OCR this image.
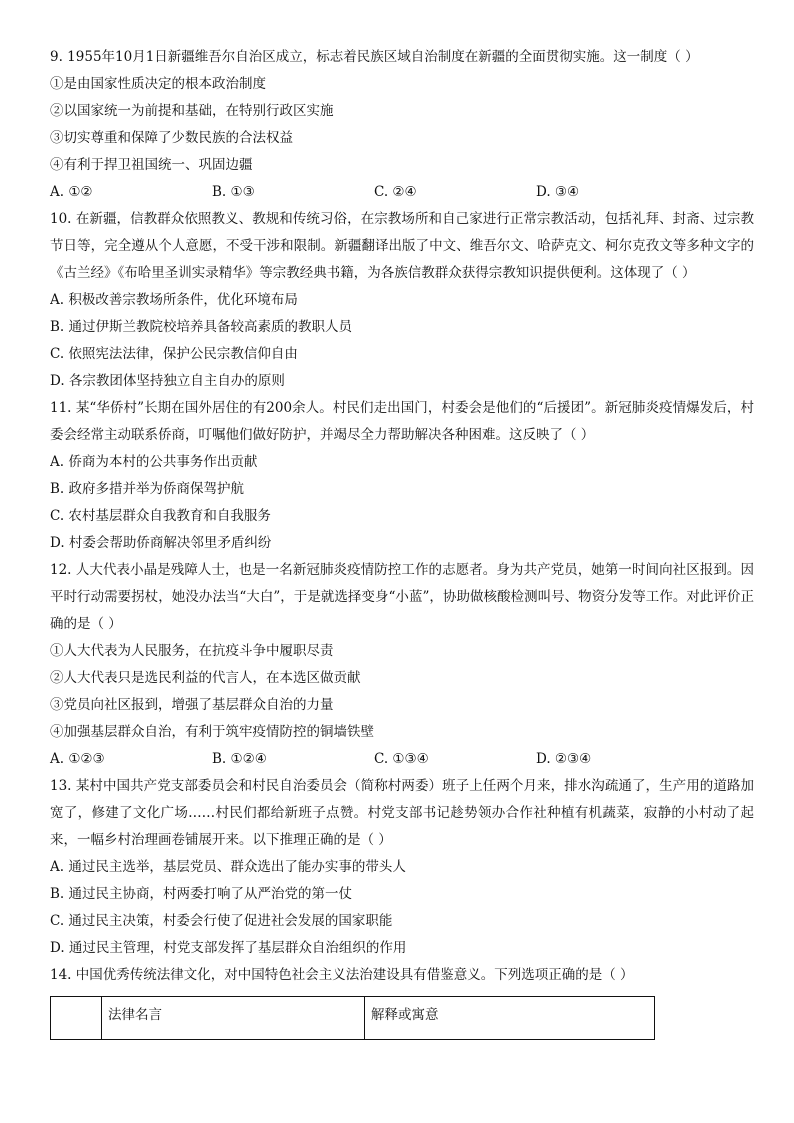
9. 1955年10月1日新疆维吾尔自治区成立，标志着民族区域自治制度在新疆的全面贯彻实施。这一制度（ ）
①是由国家性质决定的根本政治制度
②以国家统一为前提和基础，在特别行政区实施
③切实尊重和保障了少数民族的合法权益
④有利于捍卫祖国统一、巩固边疆
A. ①②	B. ①③	C. ②④	D. ③④
10. 在新疆，信教群众依照教义、教规和传统习俗，在宗教场所和自己家进行正常宗教活动，包括礼拜、封斋、过宗教节日等，完全遵从个人意愿，不受干涉和限制。新疆翻译出版了中文、维吾尔文、哈萨克文、柯尔克孜文等多种文字的《古兰经》《布哈里圣训实录精华》等宗教经典书籍，为各族信教群众获得宗教知识提供便利。这体现了（ ）
A. 积极改善宗教场所条件，优化环境布局
B. 通过伊斯兰教院校培养具备较高素质的教职人员
C. 依照宪法法律，保护公民宗教信仰自由
D. 各宗教团体坚持独立自主自办的原则
11. 某“华侨村”长期在国外居住的有200余人。村民们走出国门，村委会是他们的“后援团”。新冠肺炎疫情爆发后，村委会经常主动联系侨商，叮嘱他们做好防护，并竭尽全力帮助解决各种困难。这反映了（ ）
A. 侨商为本村的公共事务作出贡献
B. 政府多措并举为侨商保驾护航
C. 农村基层群众自我教育和自我服务
D. 村委会帮助侨商解决邻里矛盾纠纷
12. 人大代表小晶是残障人士，也是一名新冠肺炎疫情防控工作的志愿者。身为共产党员，她第一时间向社区报到。因平时行动需要拐杖，她没办法当“大白”，于是就选择变身“小蓝”，协助做核酸检测叫号、物资分发等工作。对此评价正确的是（ ）
①人大代表为人民服务，在抗疫斗争中履职尽责
②人大代表只是选民利益的代言人，在本选区做贡献
③党员向社区报到，增强了基层群众自治的力量
④加强基层群众自治，有利于筑牢疫情防控的铜墙铁壁
A. ①②③	B. ①②④	C. ①③④	D. ②③④
13. 某村中国共产党支部委员会和村民自治委员会（简称村两委）班子上任两个月来，排水沟疏通了，生产用的道路加宽了，修建了文化广场……村民们都给新班子点赞。村党支部书记趁势领办合作社种植有机蔬菜，寂静的小村动了起来，一幅乡村治理画卷铺展开来。以下推理正确的是（ ）
A. 通过民主选举，基层党员、群众选出了能办实事的带头人
B. 通过民主协商，村两委打响了从严治党的第一仗
C. 通过民主决策，村委会行使了促进社会发展的国家职能
D. 通过民主管理，村党支部发挥了基层群众自治组织的作用
14. 中国优秀传统法律文化，对中国特色社会主义法治建设具有借鉴意义。下列选项正确的是（ ）
	法律名言	解释或寓意
